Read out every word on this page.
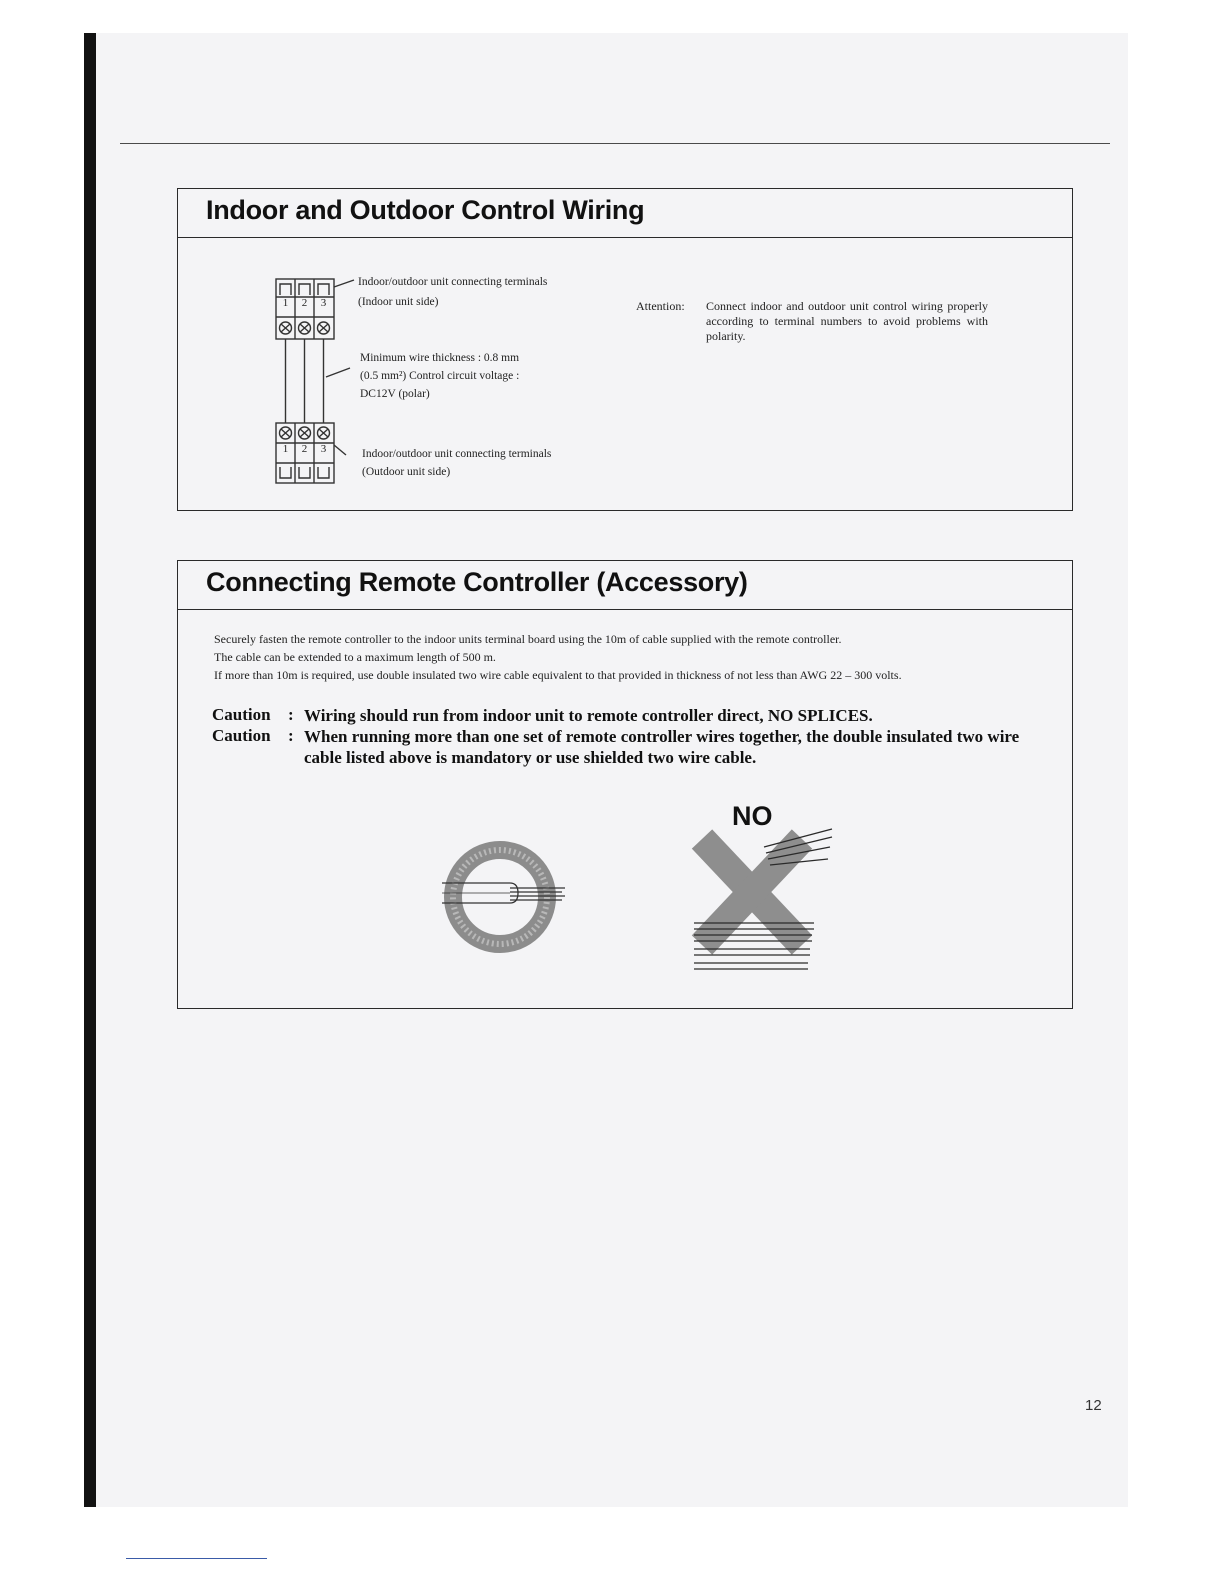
Indoor and Outdoor Control Wiring
1	2	3
1	2	3
Indoor/outdoor unit connecting terminals
(Indoor unit side)
Minimum wire thickness : 0.8 mm
(0.5 mm²) Control circuit voltage :
DC12V (polar)
Indoor/outdoor unit connecting terminals
(Outdoor unit side)
Attention: Connect indoor and outdoor unit control wiring properly according to terminal numbers to avoid problems with polarity.
Connecting Remote Controller (Accessory)

Securely fasten the remote controller to the indoor units terminal board using the 10m of cable supplied with the remote controller.

The cable can be extended to a maximum length of 500 m.

If more than 10m is required, use double insulated two wire cable equivalent to that provided in thickness of not less than AWG 22 – 300 volts.

Caution : Wiring should run from indoor unit to remote controller direct, NO SPLICES.
Caution : When running more than one set of remote controller wires together, the double insulated two wire cable listed above is mandatory or use shielded two wire cable.
NO
12
